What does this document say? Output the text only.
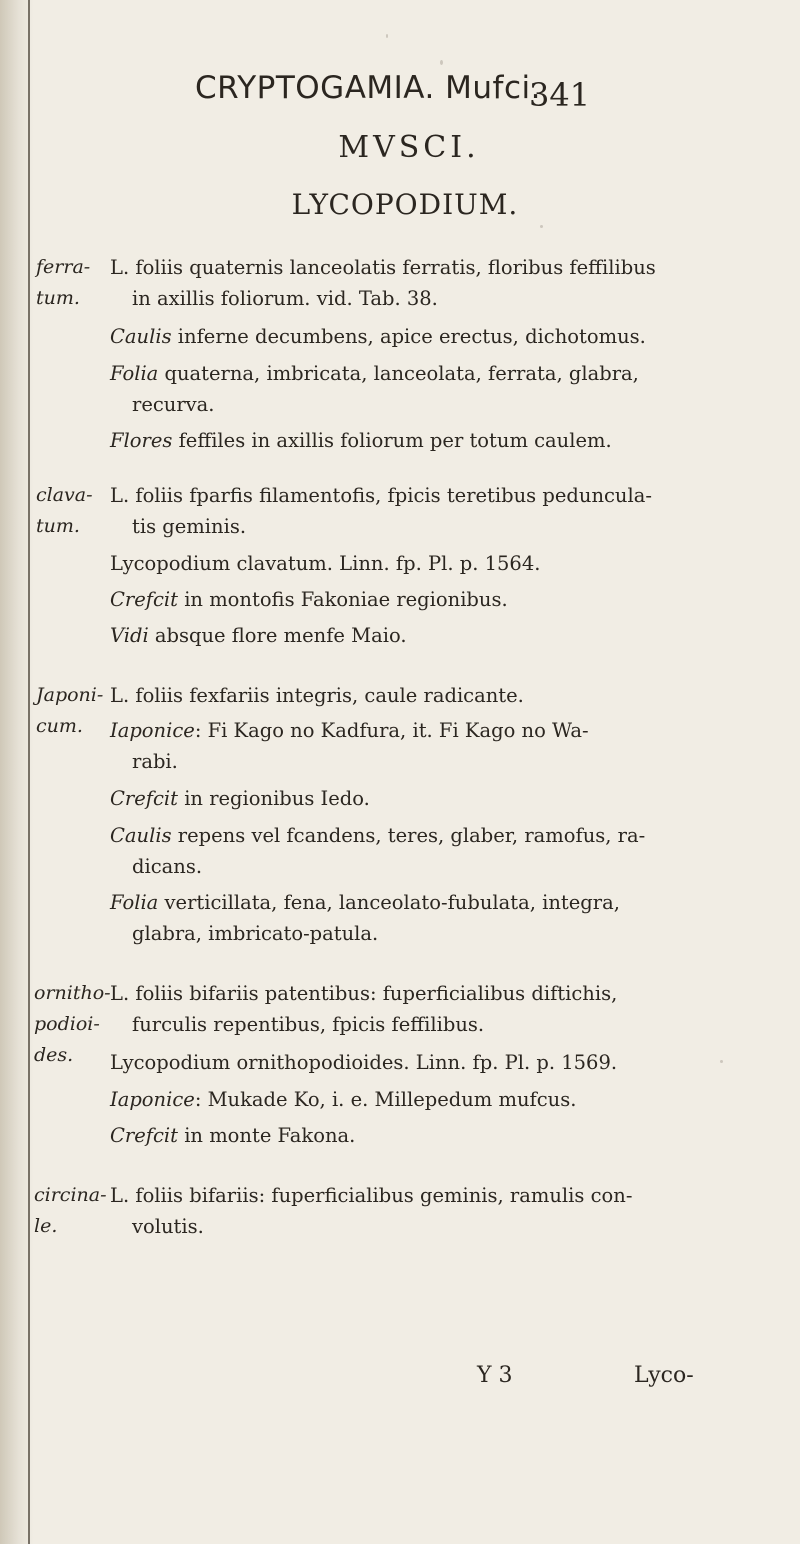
CRYPTOGAMIA. Mufci.
341
MVSCI.
LYCOPODIUM.
ferra-
tum.
L. foliis quaternis lanceolatis ferratis, floribus feffilibus
in axillis foliorum. vid. Tab. 38.
Caulis inferne decumbens, apice erectus, dichotomus.
Folia quaterna, imbricata, lanceolata, ferrata, glabra,
recurva.
Flores feffiles in axillis foliorum per totum caulem.
clava-
tum.
L. foliis fparfis filamentofis, fpicis teretibus peduncula-
tis geminis.
Lycopodium clavatum. Linn. fp. Pl. p. 1564.
Crefcit in montofis Fakoniae regionibus.
Vidi absque flore menfe Maio.
Japoni-
cum.
L. foliis fexfariis integris, caule radicante.
Iaponice: Fi Kago no Kadfura, it. Fi Kago no Wa-
rabi.
Crefcit in regionibus Iedo.
Caulis repens vel fcandens, teres, glaber, ramofus, ra-
dicans.
Folia verticillata, fena, lanceolato-fubulata, integra,
glabra, imbricato-patula.
ornitho-
podioi-
des.
L. foliis bifariis patentibus: fuperficialibus diftichis,
furculis repentibus, fpicis feffilibus.
Lycopodium ornithopodioides. Linn. fp. Pl. p. 1569.
Iaponice: Mukade Ko, i. e. Millepedum mufcus.
Crefcit in monte Fakona.
circina-
le.
L. foliis bifariis: fuperficialibus geminis, ramulis con-
volutis.
Y 3	Lyco-
